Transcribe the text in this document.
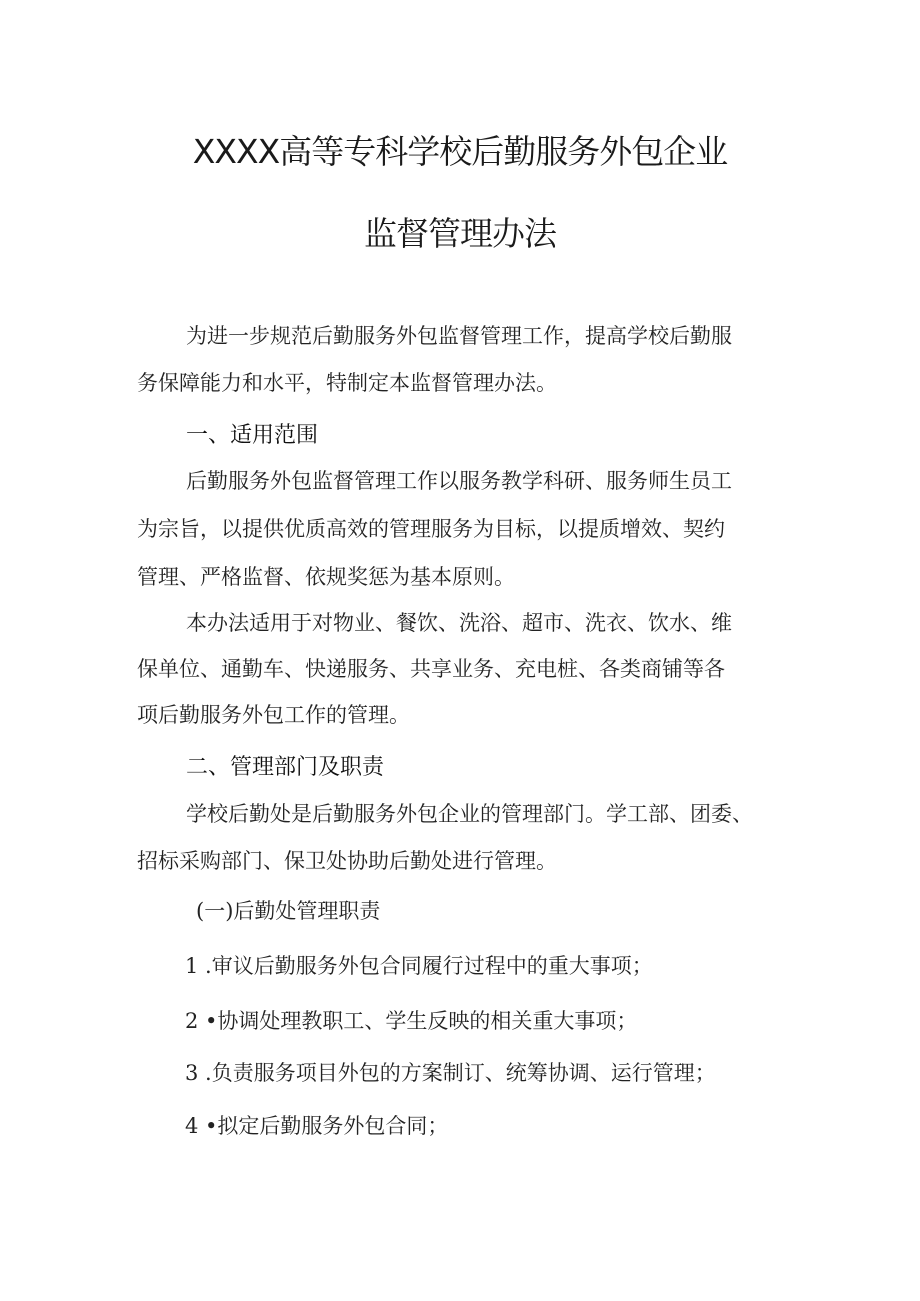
XXXX高等专科学校后勤服务外包企业
监督管理办法
为进一步规范后勤服务外包监督管理工作，提高学校后勤服
务保障能力和水平，特制定本监督管理办法。
一、适用范围
后勤服务外包监督管理工作以服务教学科研、服务师生员工
为宗旨，以提供优质高效的管理服务为目标，以提质增效、契约
管理、严格监督、依规奖惩为基本原则。
本办法适用于对物业、餐饮、洗浴、超市、洗衣、饮水、维
保单位、通勤车、快递服务、共享业务、充电桩、各类商铺等各
项后勤服务外包工作的管理。
二、管理部门及职责
学校后勤处是后勤服务外包企业的管理部门。学工部、团委、
招标采购部门、保卫处协助后勤处进行管理。
(一)后勤处管理职责
1 .审议后勤服务外包合同履行过程中的重大事项；
2 •协调处理教职工、学生反映的相关重大事项；
3 .负责服务项目外包的方案制订、统筹协调、运行管理；
4 •拟定后勤服务外包合同；
